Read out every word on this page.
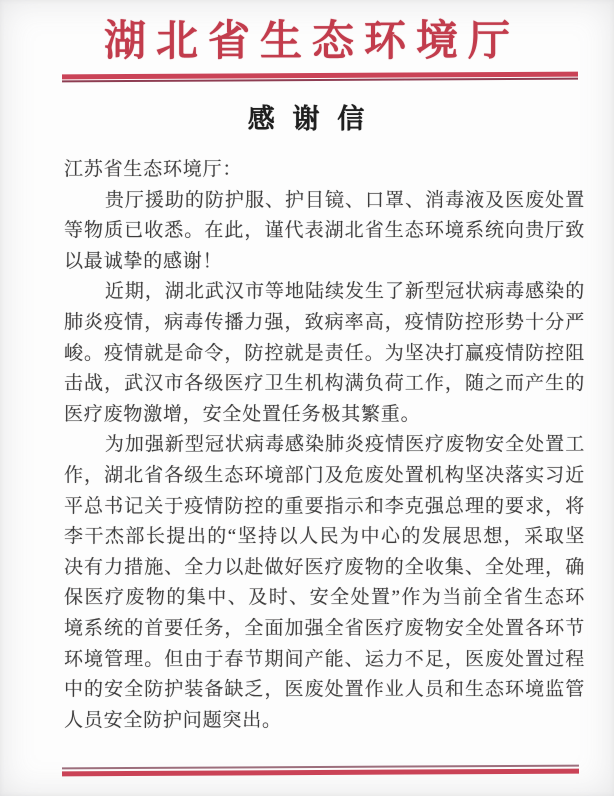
湖北省生态环境厅
感 谢 信

江苏省生态环境厅：

贵厅援助的防护服、护目镜、口罩、消毒液及医废处置等物质已收悉。在此，谨代表湖北省生态环境系统向贵厅致以最诚挚的感谢！

近期，湖北武汉市等地陆续发生了新型冠状病毒感染的肺炎疫情，病毒传播力强，致病率高，疫情防控形势十分严峻。疫情就是命令，防控就是责任。为坚决打赢疫情防控阻击战，武汉市各级医疗卫生机构满负荷工作，随之而产生的医疗废物激增，安全处置任务极其繁重。

为加强新型冠状病毒感染肺炎疫情医疗废物安全处置工作，湖北省各级生态环境部门及危废处置机构坚决落实习近平总书记关于疫情防控的重要指示和李克强总理的要求，将李干杰部长提出的“坚持以人民为中心的发展思想，采取坚决有力措施、全力以赴做好医疗废物的全收集、全处理，确保医疗废物的集中、及时、安全处置”作为当前全省生态环境系统的首要任务，全面加强全省医疗废物安全处置各环节环境管理。但由于春节期间产能、运力不足，医废处置过程中的安全防护装备缺乏，医废处置作业人员和生态环境监管人员安全防护问题突出。
